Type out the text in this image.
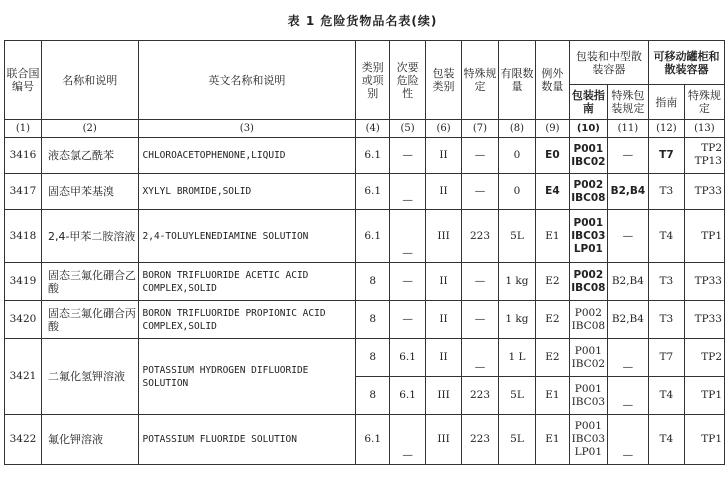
表 1 危险货物品名表(续)
联合国编号	名称和说明	英文名称和说明	类别或项别	次要危险性	包装类别	特殊规定	有限数量	例外数量	包装和中型散装容器		可移动罐柜和散装容器	
									包装指南	特殊包装规定	指南	特殊规定
(1)	(2)	(3)	(4)	(5)	(6)	(7)	(8)	(9)	(10)	(11)	(12)	(13)
3416	液态氯乙酰苯	CHLOROACETOPHENONE,LIQUID	6.1	—	II	—	0	E0	P001
IBC02	—	T7	TP2
TP13
3417	固态甲苯基溴	XYLYL BROMIDE,SOLID	6.1	—	II	—	0	E4	P002
IBC08	B2,B4	T3	TP33
3418	2,4-甲苯二胺溶液	2,4-TOLUYLENEDIAMINE SOLUTION	6.1	—	III	223	5L	E1	P001
IBC03
LP01	—	T4	TP1
3419	固态三氟化硼合乙酸	BORON TRIFLUORIDE ACETIC ACID
COMPLEX,SOLID	8	—	II	—	1 kg	E2	P002
IBC08	B2,B4	T3	TP33
3420	固态三氟化硼合丙酸	BORON TRIFLUORIDE PROPIONIC ACID
COMPLEX,SOLID	8	—	II	—	1 kg	E2	P002
IBC08	B2,B4	T3	TP33
3421	二氟化氢钾溶液	POTASSIUM HYDROGEN DIFLUORIDE
SOLUTION	8	6.1	II	—	1 L	E2	P001
IBC02	—	T7	TP2
			8	6.1	III	223	5L	E1	P001
IBC03	—	T4	TP1
3422	氟化钾溶液	POTASSIUM FLUORIDE SOLUTION	6.1	—	III	223	5L	E1	P001
IBC03
LP01	—	T4	TP1
